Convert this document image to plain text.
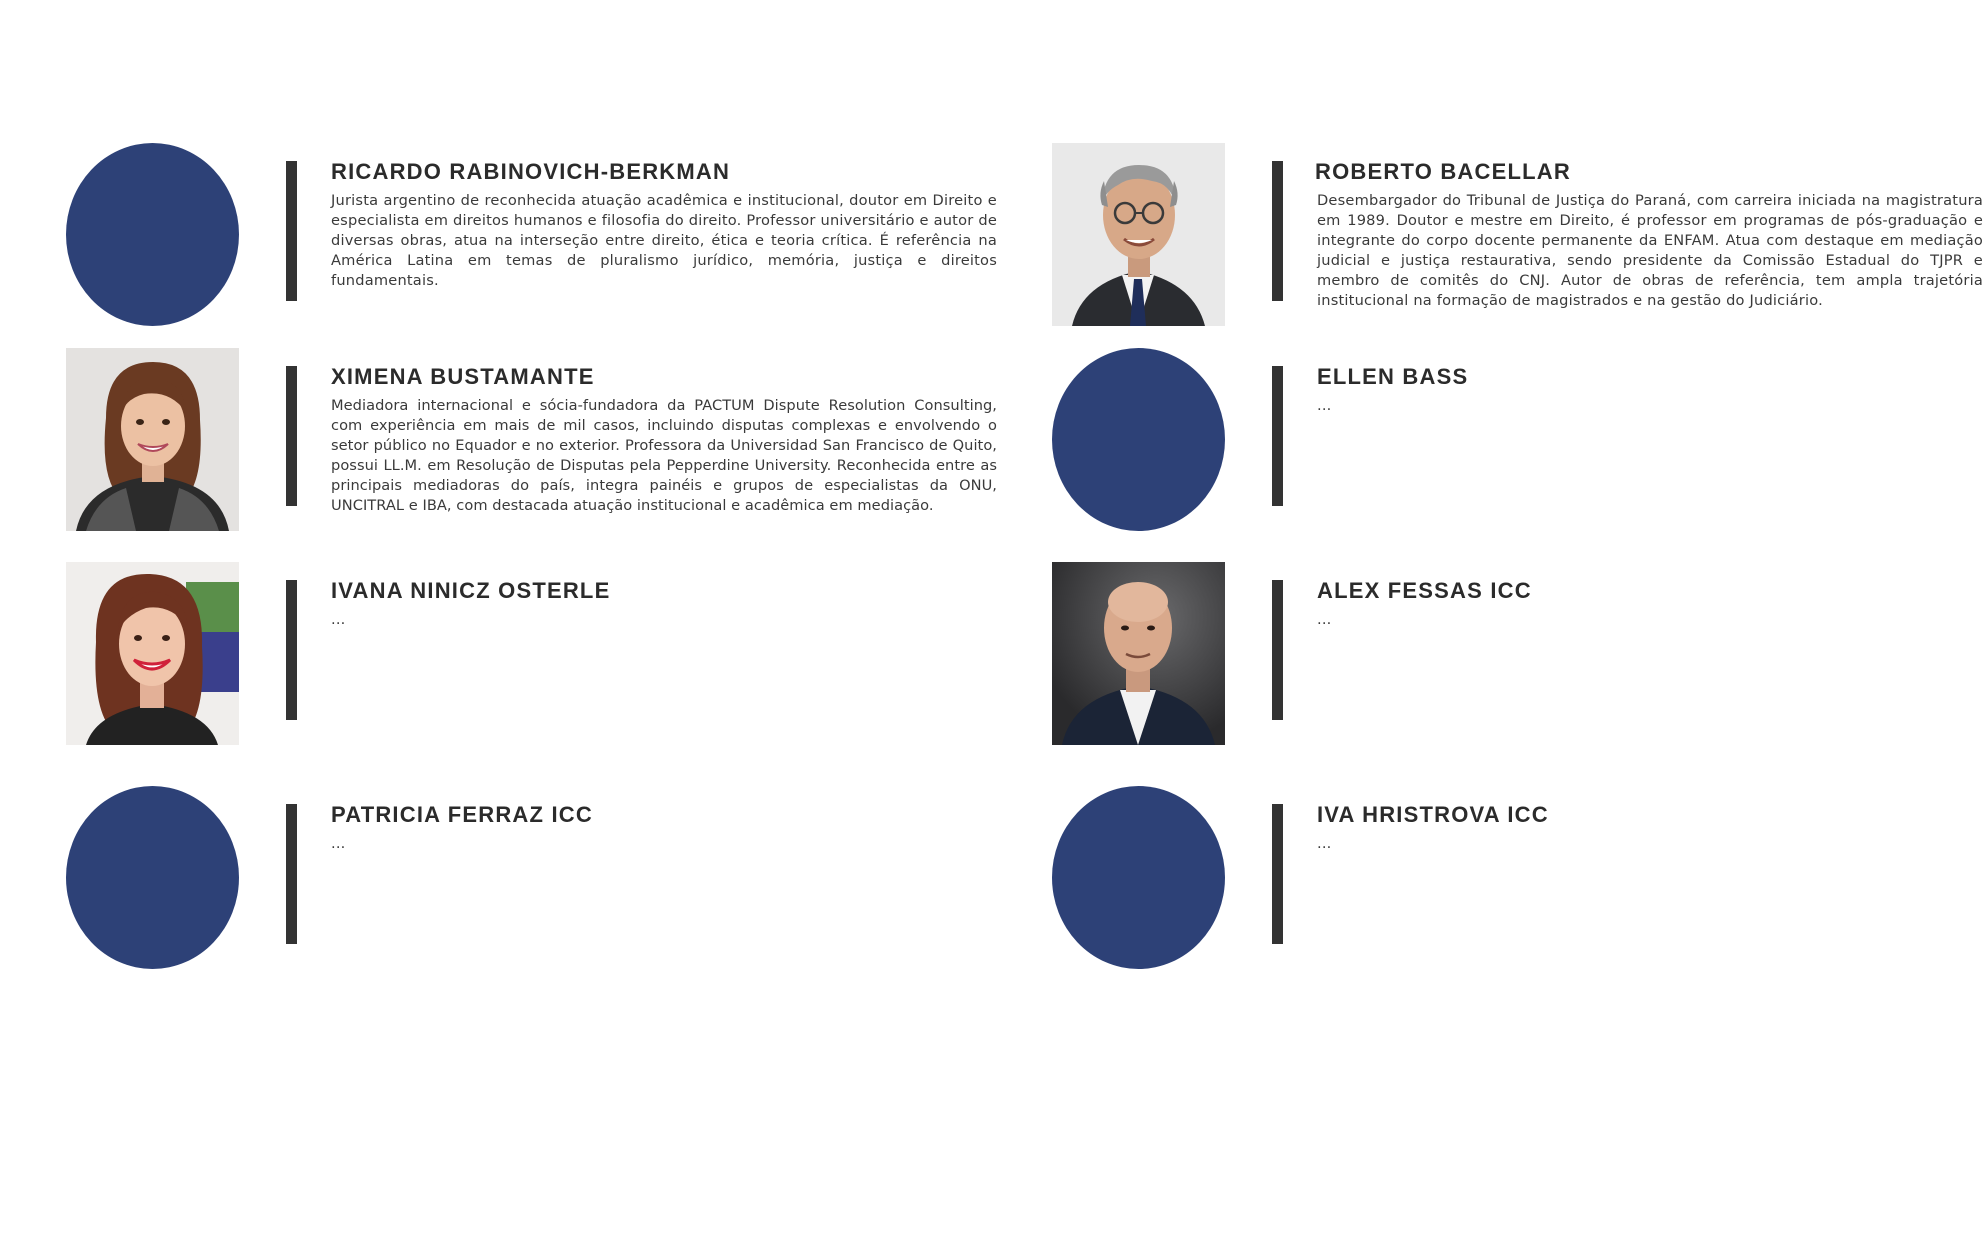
RICARDO RABINOVICH-BERKMAN
Jurista argentino de reconhecida atuação acadêmica e institucional, doutor em Direito e especialista em direitos humanos e filosofia do direito. Professor universitário e autor de diversas obras, atua na interseção entre direito, ética e teoria crítica. É referência na América Latina em temas de pluralismo jurídico, memória, justiça e direitos fundamentais.
ROBERTO BACELLAR
Desembargador do Tribunal de Justiça do Paraná, com carreira iniciada na magistratura em 1989. Doutor e mestre em Direito, é professor em programas de pós-graduação e integrante do corpo docente permanente da ENFAM. Atua com destaque em mediação judicial e justiça restaurativa, sendo presidente da Comissão Estadual do TJPR e membro de comitês do CNJ. Autor de obras de referência, tem ampla trajetória institucional na formação de magistrados e na gestão do Judiciário.
XIMENA BUSTAMANTE
Mediadora internacional e sócia-fundadora da PACTUM Dispute Resolution Consulting, com experiência em mais de mil casos, incluindo disputas complexas e envolvendo o setor público no Equador e no exterior. Professora da Universidad San Francisco de Quito, possui LL.M. em Resolução de Disputas pela Pepperdine University. Reconhecida entre as principais mediadoras do país, integra painéis e grupos de especialistas da ONU, UNCITRAL e IBA, com destacada atuação institucional e acadêmica em mediação.
ELLEN BASS
...
IVANA NINICZ OSTERLE
...
ALEX FESSAS ICC
...
PATRICIA FERRAZ ICC
...
IVA HRISTROVA ICC
...
